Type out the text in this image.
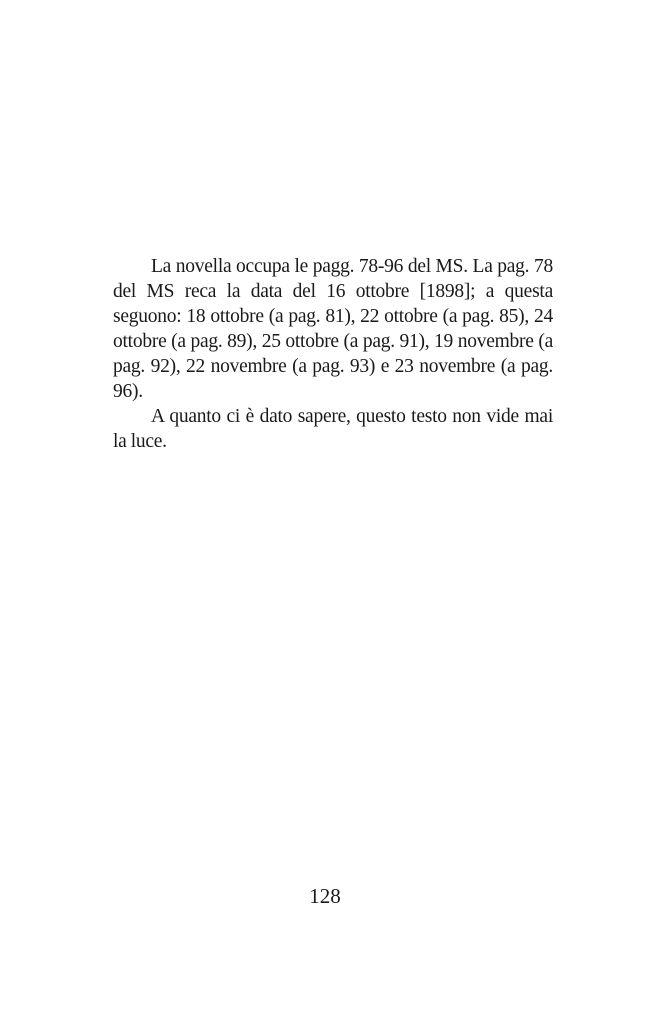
La novella occupa le pagg. 78-96 del MS. La pag. 78 del MS reca la data del 16 ottobre [1898]; a questa seguono: 18 ottobre (a pag. 81), 22 ottobre (a pag. 85), 24 ottobre (a pag. 89), 25 ottobre (a pag. 91), 19 novembre (a pag. 92), 22 novembre (a pag. 93) e 23 novembre (a pag. 96).

A quanto ci è dato sapere, questo testo non vide mai la luce.

128
